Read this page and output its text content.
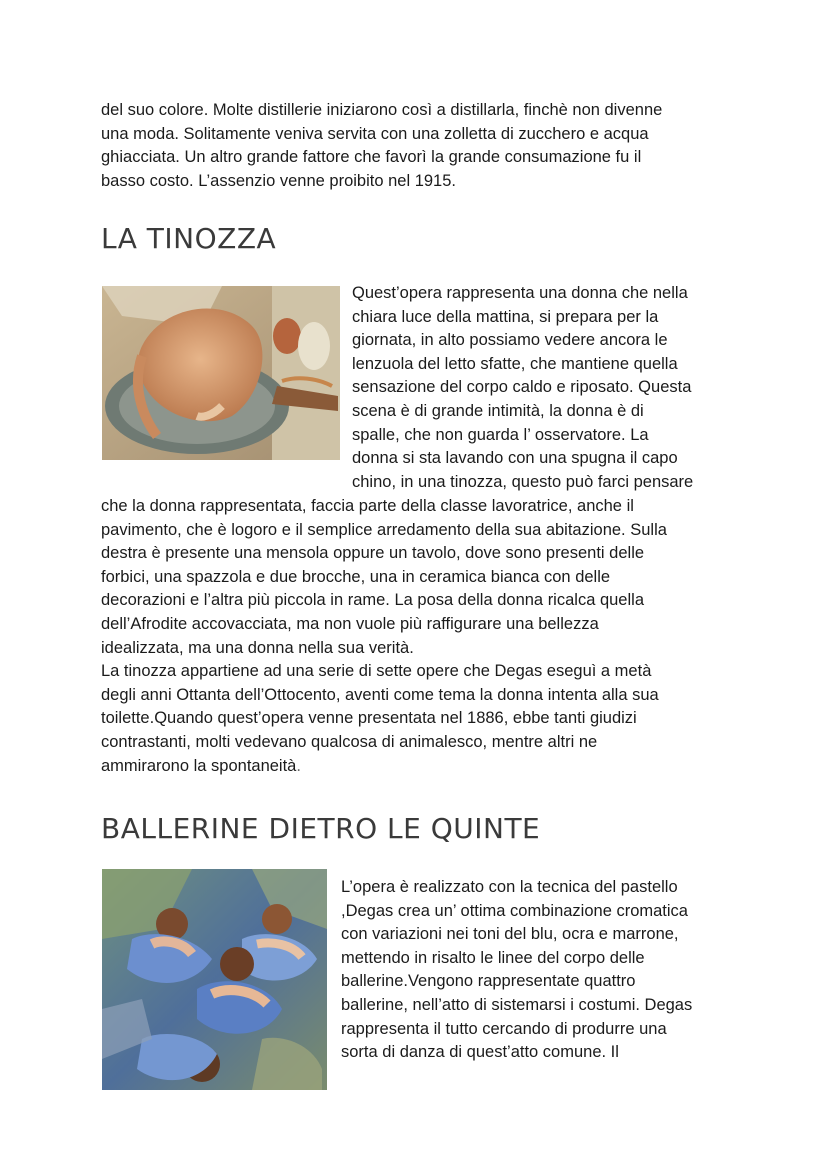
del suo colore. Molte distillerie iniziarono così a distillarla, finchè non divenne
una moda. Solitamente veniva servita con una zolletta di zucchero e acqua
ghiacciata. Un altro grande fattore che favorì la grande consumazione fu il
basso costo. L’assenzio venne proibito nel 1915.

LA TINOZZA

Quest’opera rappresenta una donna che nella
chiara luce della mattina, si prepara per la
giornata, in alto possiamo vedere ancora le
lenzuola del letto sfatte, che mantiene quella
sensazione del corpo caldo e riposato. Questa
scena è di grande intimità, la donna è di
spalle, che non guarda l’ osservatore. La
donna si sta lavando con una spugna il capo
chino, in una tinozza, questo può farci pensare

che la donna rappresentata, faccia parte della classe lavoratrice, anche il
pavimento, che è logoro e il semplice arredamento della sua abitazione. Sulla
destra è presente una mensola oppure un tavolo, dove sono presenti delle
forbici, una spazzola e due brocche, una in ceramica bianca con delle
decorazioni e l’altra più piccola in rame. La posa della donna ricalca quella
dell’Afrodite accovacciata, ma non vuole più raffigurare una bellezza
idealizzata, ma una donna nella sua verità.
La tinozza appartiene ad una serie di sette opere che Degas eseguì a metà
degli anni Ottanta dell’Ottocento, aventi come tema la donna intenta alla sua
toilette.Quando quest’opera venne presentata nel 1886, ebbe tanti giudizi
contrastanti, molti vedevano qualcosa di animalesco, mentre altri ne
ammirarono la spontaneità.

BALLERINE DIETRO LE QUINTE

L’opera è realizzato con la tecnica del pastello
,Degas crea un’ ottima combinazione cromatica
con variazioni nei toni del blu, ocra e marrone,
mettendo in risalto le linee del corpo delle
ballerine.Vengono rappresentate quattro
ballerine, nell’atto di sistemarsi i costumi. Degas
rappresenta il tutto cercando di produrre una
sorta di danza di quest’atto comune. Il
